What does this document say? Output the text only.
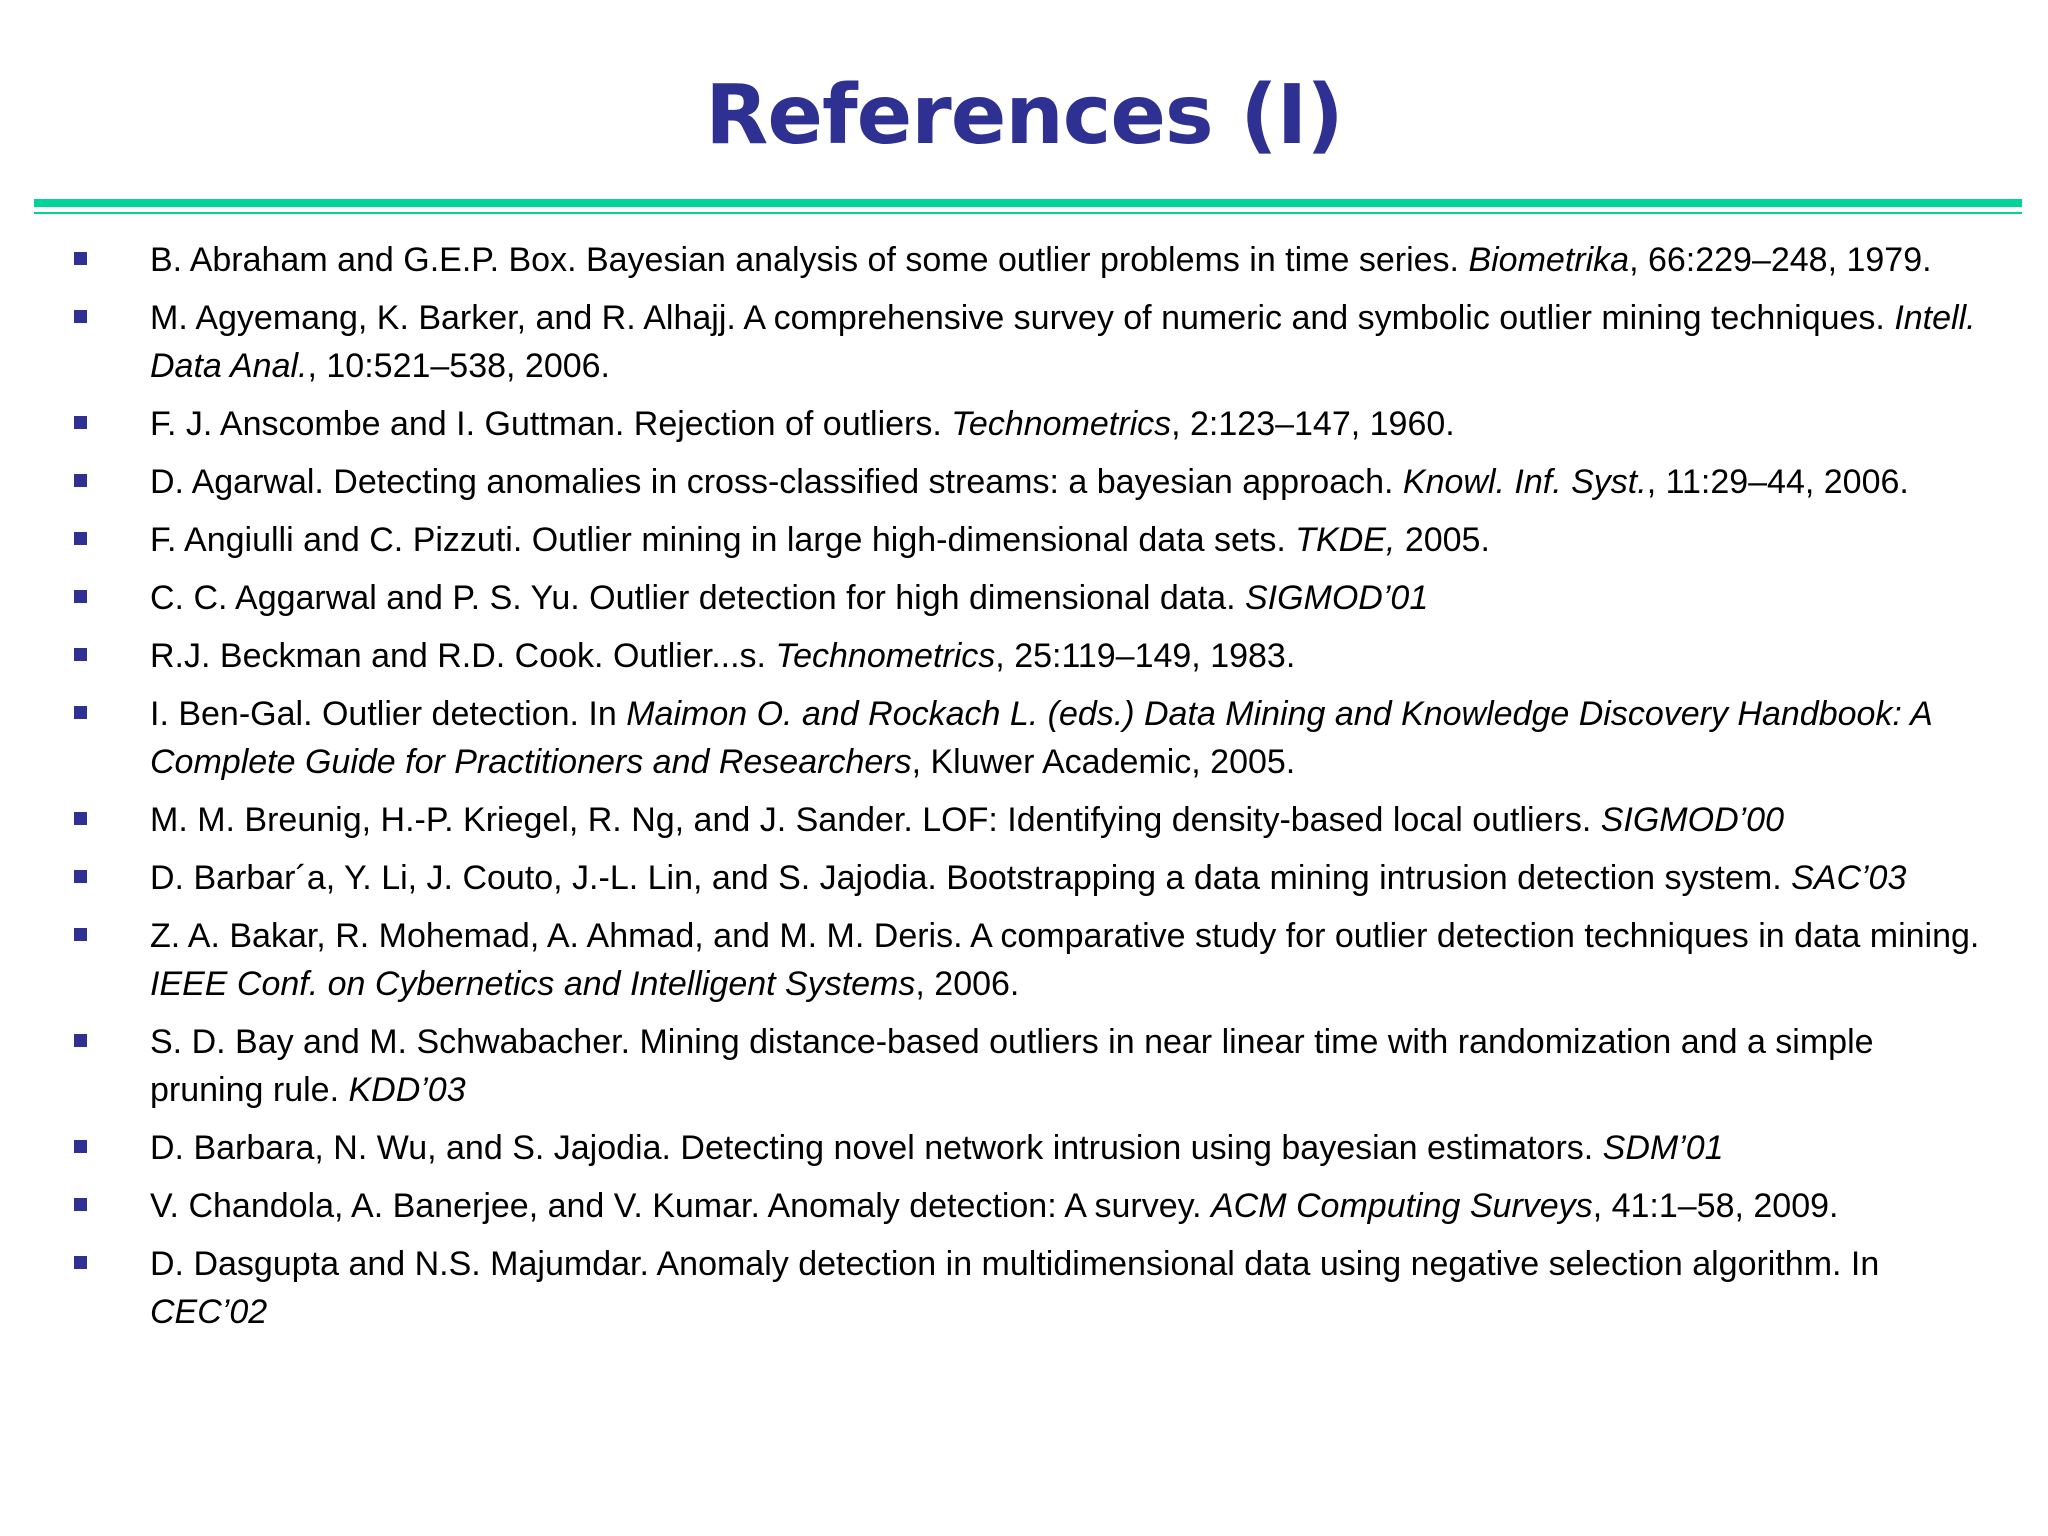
References (I)
B. Abraham and G.E.P. Box. Bayesian analysis of some outlier problems in time series. Biometrika, 66:229–248, 1979.
M. Agyemang, K. Barker, and R. Alhajj. A comprehensive survey of numeric and symbolic outlier mining techniques. Intell. Data Anal., 10:521–538, 2006.
F. J. Anscombe and I. Guttman. Rejection of outliers. Technometrics, 2:123–147, 1960.
D. Agarwal. Detecting anomalies in cross-classified streams: a bayesian approach. Knowl. Inf. Syst., 11:29–44, 2006.
F. Angiulli and C. Pizzuti. Outlier mining in large high-dimensional data sets. TKDE, 2005.
C. C. Aggarwal and P. S. Yu. Outlier detection for high dimensional data. SIGMOD’01
R.J. Beckman and R.D. Cook. Outlier...s. Technometrics, 25:119–149, 1983.
I. Ben-Gal. Outlier detection. In Maimon O. and Rockach L. (eds.) Data Mining and Knowledge Discovery Handbook: A Complete Guide for Practitioners and Researchers, Kluwer Academic, 2005.
M. M. Breunig, H.-P. Kriegel, R. Ng, and J. Sander. LOF: Identifying density-based local outliers. SIGMOD’00
D. Barbar´a, Y. Li, J. Couto, J.-L. Lin, and S. Jajodia. Bootstrapping a data mining intrusion detection system. SAC’03
Z. A. Bakar, R. Mohemad, A. Ahmad, and M. M. Deris. A comparative study for outlier detection techniques in data mining. IEEE Conf. on Cybernetics and Intelligent Systems, 2006.
S. D. Bay and M. Schwabacher. Mining distance-based outliers in near linear time with randomization and a simple pruning rule. KDD’03
D. Barbara, N. Wu, and S. Jajodia. Detecting novel network intrusion using bayesian estimators. SDM’01
V. Chandola, A. Banerjee, and V. Kumar. Anomaly detection: A survey. ACM Computing Surveys, 41:1–58, 2009.
D. Dasgupta and N.S. Majumdar. Anomaly detection in multidimensional data using negative selection algorithm. In CEC’02
